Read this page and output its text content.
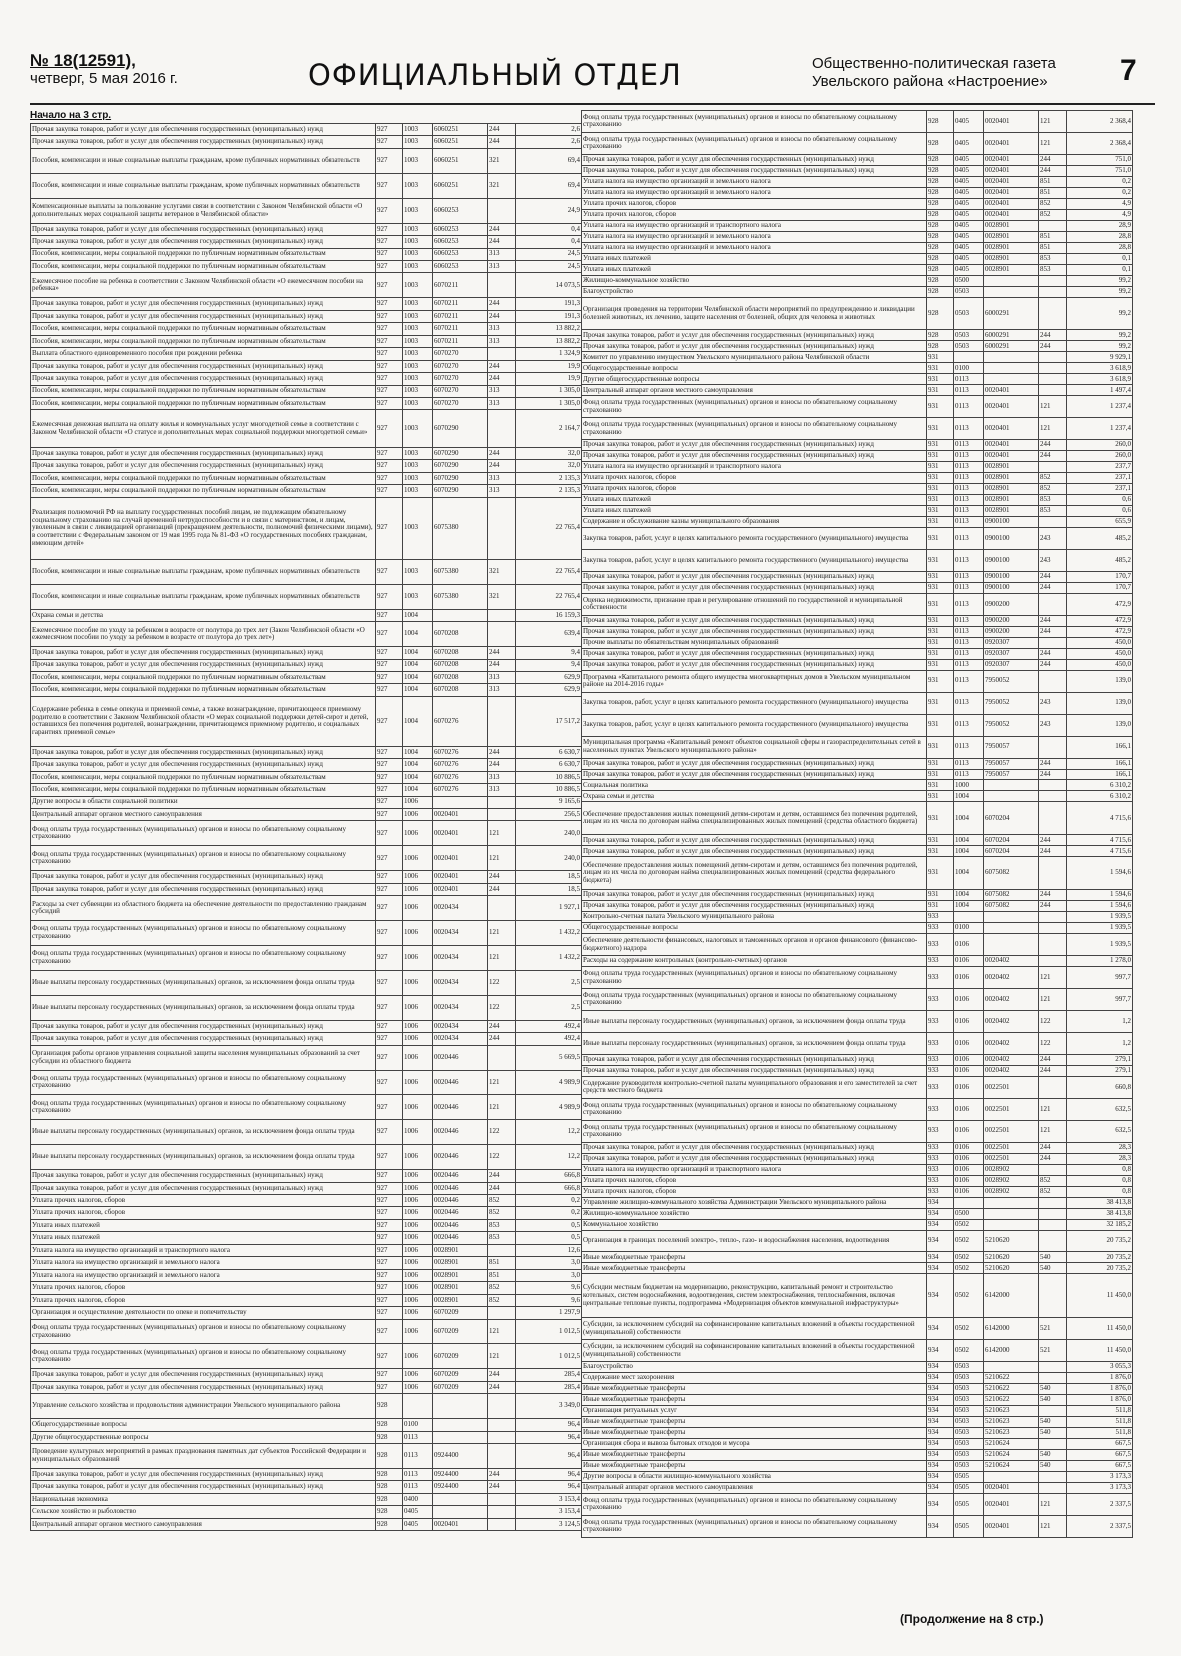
№ 18(12591),
четверг, 5 мая 2016 г.	ОФИЦИАЛЬНЫЙ ОТДЕЛ	Общественно-политическая газета
Увельского района «Настроение» 7
Начало на 3 стр.
Прочая закупка товаров, работ и услуг для обеспечения государственных (муниципальных) нужд	927	1003	6060251	244	2,6
Прочая закупка товаров, работ и услуг для обеспечения государственных (муниципальных) нужд	927	1003	6060251	244	2,6
Пособия, компенсации и иные социальные выплаты гражданам, кроме публичных нормативных обязательств	927	1003	6060251	321	69,4
Пособия, компенсации и иные социальные выплаты гражданам, кроме публичных нормативных обязательств	927	1003	6060251	321	69,4
Компенсационные выплаты за пользование услугами связи в соответствии с Законом Челябинской области «О дополнительных мерах социальной защиты ветеранов в Челябинской области»	927	1003	6060253		24,9
Прочая закупка товаров, работ и услуг для обеспечения государственных (муниципальных) нужд	927	1003	6060253	244	0,4
Прочая закупка товаров, работ и услуг для обеспечения государственных (муниципальных) нужд	927	1003	6060253	244	0,4
Пособия, компенсации, меры социальной поддержки по публичным нормативным обязательствам	927	1003	6060253	313	24,5
Пособия, компенсации, меры социальной поддержки по публичным нормативным обязательствам	927	1003	6060253	313	24,5
Ежемесячное пособие на ребенка в соответствии с Законом Челябинской области «О ежемесячном пособии на ребенка»	927	1003	6070211		14 073,5
Прочая закупка товаров, работ и услуг для обеспечения государственных (муниципальных) нужд	927	1003	6070211	244	191,3
Прочая закупка товаров, работ и услуг для обеспечения государственных (муниципальных) нужд	927	1003	6070211	244	191,3
Пособия, компенсации, меры социальной поддержки по публичным нормативным обязательствам	927	1003	6070211	313	13 882,2
Пособия, компенсации, меры социальной поддержки по публичным нормативным обязательствам	927	1003	6070211	313	13 882,2
Выплата областного единовременного пособия при рождении ребенка	927	1003	6070270		1 324,9
Прочая закупка товаров, работ и услуг для обеспечения государственных (муниципальных) нужд	927	1003	6070270	244	19,9
Прочая закупка товаров, работ и услуг для обеспечения государственных (муниципальных) нужд	927	1003	6070270	244	19,9
Пособия, компенсации, меры социальной поддержки по публичным нормативным обязательствам	927	1003	6070270	313	1 305,0
Пособия, компенсации, меры социальной поддержки по публичным нормативным обязательствам	927	1003	6070270	313	1 305,0
Ежемесячная денежная выплата на оплату жилья и коммунальных услуг многодетной семье в соответствии с Законом Челябинской области «О статусе и дополнительных мерах социальной поддержки многодетной семьи»	927	1003	6070290		2 164,7
Прочая закупка товаров, работ и услуг для обеспечения государственных (муниципальных) нужд	927	1003	6070290	244	32,0
Прочая закупка товаров, работ и услуг для обеспечения государственных (муниципальных) нужд	927	1003	6070290	244	32,0
Пособия, компенсации, меры социальной поддержки по публичным нормативным обязательствам	927	1003	6070290	313	2 135,3
Пособия, компенсации, меры социальной поддержки по публичным нормативным обязательствам	927	1003	6070290	313	2 135,3
Реализация полномочий РФ на выплату государственных пособий лицам, не подлежащим обязательному социальному страхованию на случай временной нетрудоспособности и в связи с материнством, и лицам, уволенным в связи с ликвидацией организаций (прекращением деятельности, полномочий физическими лицами), в соответствии с Федеральным законом от 19 мая 1995 года № 81-ФЗ «О государственных пособиях гражданам, имеющим детей»	927	1003	6075380		22 765,4
Пособия, компенсации и иные социальные выплаты гражданам, кроме публичных нормативных обязательств	927	1003	6075380	321	22 765,4
Пособия, компенсации и иные социальные выплаты гражданам, кроме публичных нормативных обязательств	927	1003	6075380	321	22 765,4
Охрана семьи и детства	927	1004			16 159,3
Ежемесячное пособие по уходу за ребенком в возрасте от полутора до трех лет (Закон Челябинской области «О ежемесячном пособии по уходу за ребенком в возрасте от полутора до трех лет»)	927	1004	6070208		639,4
Прочая закупка товаров, работ и услуг для обеспечения государственных (муниципальных) нужд	927	1004	6070208	244	9,4
Прочая закупка товаров, работ и услуг для обеспечения государственных (муниципальных) нужд	927	1004	6070208	244	9,4
Пособия, компенсации, меры социальной поддержки по публичным нормативным обязательствам	927	1004	6070208	313	629,9
Пособия, компенсации, меры социальной поддержки по публичным нормативным обязательствам	927	1004	6070208	313	629,9
Содержание ребенка в семье опекуна и приемной семье, а также вознаграждение, причитающееся приемному родителю в соответствии с Законом Челябинской области «О мерах социальной поддержки детей-сирот и детей, оставшихся без попечения родителей, вознаграждении, причитающемся приемному родителю, и социальных гарантиях приемной семье»	927	1004	6070276		17 517,2
Прочая закупка товаров, работ и услуг для обеспечения государственных (муниципальных) нужд	927	1004	6070276	244	6 630,7
Прочая закупка товаров, работ и услуг для обеспечения государственных (муниципальных) нужд	927	1004	6070276	244	6 630,7
Пособия, компенсации, меры социальной поддержки по публичным нормативным обязательствам	927	1004	6070276	313	10 886,5
Пособия, компенсации, меры социальной поддержки по публичным нормативным обязательствам	927	1004	6070276	313	10 886,5
Другие вопросы в области социальной политики	927	1006			9 165,6
Центральный аппарат органов местного самоуправления	927	1006	0020401		256,5
Фонд оплаты труда государственных (муниципальных) органов и взносы по обязательному социальному страхованию	927	1006	0020401	121	240,0
Фонд оплаты труда государственных (муниципальных) органов и взносы по обязательному социальному страхованию	927	1006	0020401	121	240,0
Прочая закупка товаров, работ и услуг для обеспечения государственных (муниципальных) нужд	927	1006	0020401	244	18,5
Прочая закупка товаров, работ и услуг для обеспечения государственных (муниципальных) нужд	927	1006	0020401	244	18,5
Расходы за счет субвенции из областного бюджета на обеспечение деятельности по предоставлению гражданам субсидий	927	1006	0020434		1 927,1
Фонд оплаты труда государственных (муниципальных) органов и взносы по обязательному социальному страхованию	927	1006	0020434	121	1 432,2
Фонд оплаты труда государственных (муниципальных) органов и взносы по обязательному социальному страхованию	927	1006	0020434	121	1 432,2
Иные выплаты персоналу государственных (муниципальных) органов, за исключением фонда оплаты труда	927	1006	0020434	122	2,5
Иные выплаты персоналу государственных (муниципальных) органов, за исключением фонда оплаты труда	927	1006	0020434	122	2,5
Прочая закупка товаров, работ и услуг для обеспечения государственных (муниципальных) нужд	927	1006	0020434	244	492,4
Прочая закупка товаров, работ и услуг для обеспечения государственных (муниципальных) нужд	927	1006	0020434	244	492,4
Организация работы органов управления социальной защиты населения муниципальных образований за счет субсидии из областного бюджета	927	1006	0020446		5 669,5
Фонд оплаты труда государственных (муниципальных) органов и взносы по обязательному социальному страхованию	927	1006	0020446	121	4 989,9
Фонд оплаты труда государственных (муниципальных) органов и взносы по обязательному социальному страхованию	927	1006	0020446	121	4 989,9
Иные выплаты персоналу государственных (муниципальных) органов, за исключением фонда оплаты труда	927	1006	0020446	122	12,2
Иные выплаты персоналу государственных (муниципальных) органов, за исключением фонда оплаты труда	927	1006	0020446	122	12,2
Прочая закупка товаров, работ и услуг для обеспечения государственных (муниципальных) нужд	927	1006	0020446	244	666,8
Прочая закупка товаров, работ и услуг для обеспечения государственных (муниципальных) нужд	927	1006	0020446	244	666,8
Уплата прочих налогов, сборов	927	1006	0020446	852	0,2
Уплата прочих налогов, сборов	927	1006	0020446	852	0,2
Уплата иных платежей	927	1006	0020446	853	0,5
Уплата иных платежей	927	1006	0020446	853	0,5
Уплата налога на имущество организаций и транспортного налога	927	1006	0028901		12,6
Уплата налога на имущество организаций и земельного налога	927	1006	0028901	851	3,0
Уплата налога на имущество организаций и земельного налога	927	1006	0028901	851	3,0
Уплата прочих налогов, сборов	927	1006	0028901	852	9,6
Уплата прочих налогов, сборов	927	1006	0028901	852	9,6
Организация и осуществление деятельности по опеке и попечительству	927	1006	6070209		1 297,9
Фонд оплаты труда государственных (муниципальных) органов и взносы по обязательному социальному страхованию	927	1006	6070209	121	1 012,5
Фонд оплаты труда государственных (муниципальных) органов и взносы по обязательному социальному страхованию	927	1006	6070209	121	1 012,5
Прочая закупка товаров, работ и услуг для обеспечения государственных (муниципальных) нужд	927	1006	6070209	244	285,4
Прочая закупка товаров, работ и услуг для обеспечения государственных (муниципальных) нужд	927	1006	6070209	244	285,4
Управление сельского хозяйства и продовольствия администрации Увельского муниципального района	928				3 349,0
Общегосударственные вопросы	928	0100			96,4
Другие общегосударственные вопросы	928	0113			96,4
Проведение культурных мероприятий в рамках празднования памятных дат субъектов Российской Федерации и муниципальных образований	928	0113	0924400		96,4
Прочая закупка товаров, работ и услуг для обеспечения государственных (муниципальных) нужд	928	0113	0924400	244	96,4
Прочая закупка товаров, работ и услуг для обеспечения государственных (муниципальных) нужд	928	0113	0924400	244	96,4
Национальная экономика	928	0400			3 153,4
Сельское хозяйство и рыболовство	928	0405			3 153,4
Центральный аппарат органов местного самоуправления	928	0405	0020401		3 124,5
Фонд оплаты труда государственных (муниципальных) органов и взносы по обязательному социальному страхованию	928	0405	0020401	121	2 368,4
Фонд оплаты труда государственных (муниципальных) органов и взносы по обязательному социальному страхованию	928	0405	0020401	121	2 368,4
Прочая закупка товаров, работ и услуг для обеспечения государственных (муниципальных) нужд	928	0405	0020401	244	751,0
Прочая закупка товаров, работ и услуг для обеспечения государственных (муниципальных) нужд	928	0405	0020401	244	751,0
Уплата налога на имущество организаций и земельного налога	928	0405	0020401	851	0,2
Уплата налога на имущество организаций и земельного налога	928	0405	0020401	851	0,2
Уплата прочих налогов, сборов	928	0405	0020401	852	4,9
Уплата прочих налогов, сборов	928	0405	0020401	852	4,9
Уплата налога на имущество организаций и транспортного налога	928	0405	0028901		28,9
Уплата налога на имущество организаций и земельного налога	928	0405	0028901	851	28,8
Уплата налога на имущество организаций и земельного налога	928	0405	0028901	851	28,8
Уплата иных платежей	928	0405	0028901	853	0,1
Уплата иных платежей	928	0405	0028901	853	0,1
Жилищно-коммунальное хозяйство	928	0500			99,2
Благоустройство	928	0503			99,2
Организация проведения на территории Челябинской области мероприятий по предупреждению и ликвидации болезней животных, их лечению, защите населения от болезней, общих для человека и животных	928	0503	6000291		99,2
Прочая закупка товаров, работ и услуг для обеспечения государственных (муниципальных) нужд	928	0503	6000291	244	99,2
Прочая закупка товаров, работ и услуг для обеспечения государственных (муниципальных) нужд	928	0503	6000291	244	99,2
Комитет по управлению имуществом Увельского муниципального района Челябинской области	931				9 929,1
Общегосударственные вопросы	931	0100			3 618,9
Другие общегосударственные вопросы	931	0113			3 618,9
Центральный аппарат органов местного самоуправления	931	0113	0020401		1 497,4
Фонд оплаты труда государственных (муниципальных) органов и взносы по обязательному социальному страхованию	931	0113	0020401	121	1 237,4
Фонд оплаты труда государственных (муниципальных) органов и взносы по обязательному социальному страхованию	931	0113	0020401	121	1 237,4
Прочая закупка товаров, работ и услуг для обеспечения государственных (муниципальных) нужд	931	0113	0020401	244	260,0
Прочая закупка товаров, работ и услуг для обеспечения государственных (муниципальных) нужд	931	0113	0020401	244	260,0
Уплата налога на имущество организаций и транспортного налога	931	0113	0028901		237,7
Уплата прочих налогов, сборов	931	0113	0028901	852	237,1
Уплата прочих налогов, сборов	931	0113	0028901	852	237,1
Уплата иных платежей	931	0113	0028901	853	0,6
Уплата иных платежей	931	0113	0028901	853	0,6
Содержание и обслуживание казны муниципального образования	931	0113	0900100		655,9
Закупка товаров, работ, услуг в целях капитального ремонта государственного (муниципального) имущества	931	0113	0900100	243	485,2
Закупка товаров, работ, услуг в целях капитального ремонта государственного (муниципального) имущества	931	0113	0900100	243	485,2
Прочая закупка товаров, работ и услуг для обеспечения государственных (муниципальных) нужд	931	0113	0900100	244	170,7
Прочая закупка товаров, работ и услуг для обеспечения государственных (муниципальных) нужд	931	0113	0900100	244	170,7
Оценка недвижимости, признание прав и регулирование отношений по государственной и муниципальной собственности	931	0113	0900200		472,9
Прочая закупка товаров, работ и услуг для обеспечения государственных (муниципальных) нужд	931	0113	0900200	244	472,9
Прочая закупка товаров, работ и услуг для обеспечения государственных (муниципальных) нужд	931	0113	0900200	244	472,9
Прочие выплаты по обязательствам муниципальных образований	931	0113	0920307		450,0
Прочая закупка товаров, работ и услуг для обеспечения государственных (муниципальных) нужд	931	0113	0920307	244	450,0
Прочая закупка товаров, работ и услуг для обеспечения государственных (муниципальных) нужд	931	0113	0920307	244	450,0
Программа «Капитального ремонта общего имущества многоквартирных домов в Увельском муниципальном районе на 2014-2016 годы»	931	0113	7950052		139,0
Закупка товаров, работ, услуг в целях капитального ремонта государственного (муниципального) имущества	931	0113	7950052	243	139,0
Закупка товаров, работ, услуг в целях капитального ремонта государственного (муниципального) имущества	931	0113	7950052	243	139,0
Муниципальная программа «Капитальный ремонт объектов социальной сферы и газораспределительных сетей в населенных пунктах Увельского муниципального района»	931	0113	7950057		166,1
Прочая закупка товаров, работ и услуг для обеспечения государственных (муниципальных) нужд	931	0113	7950057	244	166,1
Прочая закупка товаров, работ и услуг для обеспечения государственных (муниципальных) нужд	931	0113	7950057	244	166,1
Социальная политика	931	1000			6 310,2
Охрана семьи и детства	931	1004			6 310,2
Обеспечение предоставления жилых помещений детям-сиротам и детям, оставшимся без попечения родителей, лицам из их числа по договорам найма специализированных жилых помещений (средства областного бюджета)	931	1004	6070204		4 715,6
Прочая закупка товаров, работ и услуг для обеспечения государственных (муниципальных) нужд	931	1004	6070204	244	4 715,6
Прочая закупка товаров, работ и услуг для обеспечения государственных (муниципальных) нужд	931	1004	6070204	244	4 715,6
Обеспечение предоставления жилых помещений детям-сиротам и детям, оставшимся без попечения родителей, лицам из их числа по договорам найма специализированных жилых помещений (средства федерального бюджета)	931	1004	6075082		1 594,6
Прочая закупка товаров, работ и услуг для обеспечения государственных (муниципальных) нужд	931	1004	6075082	244	1 594,6
Прочая закупка товаров, работ и услуг для обеспечения государственных (муниципальных) нужд	931	1004	6075082	244	1 594,6
Контрольно-счетная палата Увельского муниципального района	933				1 939,5
Общегосударственные вопросы	933	0100			1 939,5
Обеспечение деятельности финансовых, налоговых и таможенных органов и органов финансового (финансово-бюджетного) надзора	933	0106			1 939,5
Расходы на содержание контрольных (контрольно-счетных) органов	933	0106	0020402		1 278,0
Фонд оплаты труда государственных (муниципальных) органов и взносы по обязательному социальному страхованию	933	0106	0020402	121	997,7
Фонд оплаты труда государственных (муниципальных) органов и взносы по обязательному социальному страхованию	933	0106	0020402	121	997,7
Иные выплаты персоналу государственных (муниципальных) органов, за исключением фонда оплаты труда	933	0106	0020402	122	1,2
Иные выплаты персоналу государственных (муниципальных) органов, за исключением фонда оплаты труда	933	0106	0020402	122	1,2
Прочая закупка товаров, работ и услуг для обеспечения государственных (муниципальных) нужд	933	0106	0020402	244	279,1
Прочая закупка товаров, работ и услуг для обеспечения государственных (муниципальных) нужд	933	0106	0020402	244	279,1
Содержание руководителя контрольно-счетной палаты муниципального образования и его заместителей за счет средств местного бюджета	933	0106	0022501		660,8
Фонд оплаты труда государственных (муниципальных) органов и взносы по обязательному социальному страхованию	933	0106	0022501	121	632,5
Фонд оплаты труда государственных (муниципальных) органов и взносы по обязательному социальному страхованию	933	0106	0022501	121	632,5
Прочая закупка товаров, работ и услуг для обеспечения государственных (муниципальных) нужд	933	0106	0022501	244	28,3
Прочая закупка товаров, работ и услуг для обеспечения государственных (муниципальных) нужд	933	0106	0022501	244	28,3
Уплата налога на имущество организаций и транспортного налога	933	0106	0028902		0,8
Уплата прочих налогов, сборов	933	0106	0028902	852	0,8
Уплата прочих налогов, сборов	933	0106	0028902	852	0,8
Управление жилищно-коммунального хозяйства Администрации Увельского муниципального района	934				38 413,8
Жилищно-коммунальное хозяйство	934	0500			38 413,8
Коммунальное хозяйство	934	0502			32 185,2
Организация в границах поселений электро-, тепло-, газо- и водоснабжения населения, водоотведения	934	0502	5210620		20 735,2
Иные межбюджетные трансферты	934	0502	5210620	540	20 735,2
Иные межбюджетные трансферты	934	0502	5210620	540	20 735,2
Субсидии местным бюджетам на модернизацию, реконструкцию, капитальный ремонт и строительство котельных, систем водоснабжения, водоотведения, систем электроснабжения, теплоснабжения, включая центральные тепловые пункты, подпрограмма «Модернизация объектов коммунальной инфраструктуры»	934	0502	6142000		11 450,0
Субсидии, за исключением субсидий на софинансирование капитальных вложений в объекты государственной (муниципальной) собственности	934	0502	6142000	521	11 450,0
Субсидии, за исключением субсидий на софинансирование капитальных вложений в объекты государственной (муниципальной) собственности	934	0502	6142000	521	11 450,0
Благоустройство	934	0503			3 055,3
Содержание мест захоронения	934	0503	5210622		1 876,0
Иные межбюджетные трансферты	934	0503	5210622	540	1 876,0
Иные межбюджетные трансферты	934	0503	5210622	540	1 876,0
Организация ритуальных услуг	934	0503	5210623		511,8
Иные межбюджетные трансферты	934	0503	5210623	540	511,8
Иные межбюджетные трансферты	934	0503	5210623	540	511,8
Организация сбора и вывоза бытовых отходов и мусора	934	0503	5210624		667,5
Иные межбюджетные трансферты	934	0503	5210624	540	667,5
Иные межбюджетные трансферты	934	0503	5210624	540	667,5
Другие вопросы в области жилищно-коммунального хозяйства	934	0505			3 173,3
Центральный аппарат органов местного самоуправления	934	0505	0020401		3 173,3
Фонд оплаты труда государственных (муниципальных) органов и взносы по обязательному социальному страхованию	934	0505	0020401	121	2 337,5
Фонд оплаты труда государственных (муниципальных) органов и взносы по обязательному социальному страхованию	934	0505	0020401	121	2 337,5
(Продолжение на 8 стр.)
